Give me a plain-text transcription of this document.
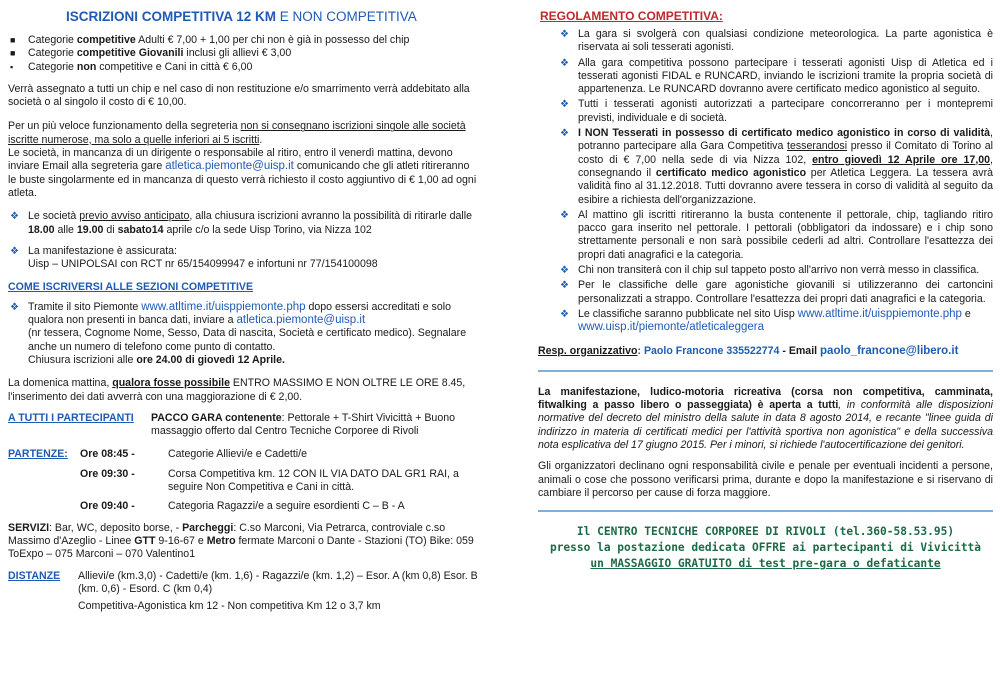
ISCRIZIONI COMPETITIVA 12 KM E NON COMPETITIVA
■ Categorie competitive Adulti € 7,00 + 1,00 per chi non è già in possesso del chip
■ Categorie competitive Giovanili inclusi gli allievi € 3,00
▪ Categorie non competitive e Cani in città € 6,00

Verrà assegnato a tutti un chip e nel caso di non restituzione e/o smarrimento verrà addebitato alla società o al singolo il costo di € 10,00.

Per un più veloce funzionamento della segreteria non si consegnano iscrizioni singole alle società iscritte numerose, ma solo a quelle inferiori ai 5 iscritti.

Le società, in mancanza di un dirigente o responsabile al ritiro, entro il venerdì mattina, devono inviare Email alla segreteria gare atletica.piemonte@uisp.it comunicando che gli atleti ritireranno le buste singolarmente ed in mancanza di questo verrà richiesto il costo aggiuntivo di € 1,00 ad ogni atleta.

❖ Le società previo avviso anticipato, alla chiusura iscrizioni avranno la possibilità di ritirarle dalle 18.00 alle 19.00 di sabato14 aprile c/o la sede Uisp Torino, via Nizza 102
❖ La manifestazione è assicurata:
Uisp – UNIPOLSAI con RCT nr 65/154099947 e infortuni nr 77/154100098
COME ISCRIVERSI ALLE SEZIONI COMPETITIVE
❖ Tramite il sito Piemonte www.atltime.it/uisppiemonte.php dopo essersi accreditati e solo qualora non presenti in banca dati, inviare a atletica.piemonte@uisp.it
(nr tessera, Cognome Nome, Sesso, Data di nascita, Società e certificato medico). Segnalare anche un numero di telefono come punto di contatto.
Chiusura iscrizioni alle ore 24.00 di giovedì 12 Aprile.

La domenica mattina, qualora fosse possibile ENTRO MASSIMO E NON OLTRE LE ORE 8.45, l'inserimento dei dati avverrà con una maggiorazione di € 2,00.

A TUTTI I PARTECIPANTI	PACCO GARA contenente: Pettorale + T-Shirt Vivicittà + Buono massaggio offerto dal Centro Tecniche Corporee di Rivoli
PARTENZE:	Ore 08:45 -	Categorie Allievi/e e Cadetti/e
Ore 09:30 -	Corsa Competitiva km. 12 CON IL VIA DATO DAL GR1 RAI, a seguire Non Competitiva e Cani in città.
Ore 09:40 -	Categoria Ragazzi/e a seguire esordienti C – B - A

SERVIZI: Bar, WC, deposito borse, - Parcheggi: C.so Marconi, Via Petrarca, controviale c.so Massimo d'Azeglio - Linee GTT 9-16-67 e Metro fermate Marconi o Dante - Stazioni (TO) Bike: 059 ToExpo – 075 Marconi – 070 Valentino1

DISTANZE	Allievi/e (km.3,0) - Cadetti/e (km. 1,6) - Ragazzi/e (km. 1,2) – Esor. A (km 0,8) Esor. B (km. 0,6) - Esord. C (km 0,4)
Competitiva-Agonistica km 12 - Non competitiva Km 12 o 3,7 km
REGOLAMENTO COMPETITIVA:
❖ La gara si svolgerà con qualsiasi condizione meteorologica. La parte agonistica è riservata ai soli tesserati agonisti.
❖ Alla gara competitiva possono partecipare i tesserati agonisti Uisp di Atletica ed i tesserati agonisti FIDAL e RUNCARD, inviando le iscrizioni tramite la propria società di appartenenza. Le RUNCARD dovranno avere certificato medico agonistico al seguito.
❖ Tutti i tesserati agonisti autorizzati a partecipare concorreranno per i montepremi previsti, individuale e di società.
❖ I NON Tesserati in possesso di certificato medico agonistico in corso di validità, potranno partecipare alla Gara Competitiva tesserandosi presso il Comitato di Torino al costo di € 7,00 nella sede di via Nizza 102, entro giovedì 12 Aprile ore 17,00, consegnando il certificato medico agonistico per Atletica Leggera. La tessera avrà validità fino al 31.12.2018. Tutti dovranno avere tessera in corso di validità al seguito da esibire a richiesta dell'organizzazione.
❖ Al mattino gli iscritti ritireranno la busta contenente il pettorale, chip, tagliando ritiro pacco gara inserito nel pettorale. I pettorali (obbligatori da indossare) e i chip sono strettamente personali e non sarà possibile cederli ad altri. Controllare l'esattezza dei propri dati anagrafici e la categoria.
❖ Chi non transiterà con il chip sul tappeto posto all'arrivo non verrà messo in classifica.
❖ Per le classifiche delle gare agonistiche giovanili si utilizzeranno dei cartoncini personalizzati a strappo. Controllare l'esattezza dei propri dati anagrafici e la categoria.
❖ Le classifiche saranno pubblicate nel sito Uisp www.atltime.it/uisppiemonte.php e
www.uisp.it/piemonte/atleticaleggera
Resp. organizzativo: Paolo Francone 335522774 - Email paolo_francone@libero.it

La manifestazione, ludico-motoria ricreativa (corsa non competitiva, camminata, fitwalking a passo libero o passeggiata) è aperta a tutti, in conformità alle disposizioni normative del decreto del ministro della salute in data 8 agosto 2014, e recante "linee guida di indirizzo in materia di certificati medici per l'attività sportiva non agonistica" e della successiva nota esplicativa del 17 giugno 2015. Per i minori, si richiede l'autocertificazione dei genitori.

Gli organizzatori declinano ogni responsabilità civile e penale per eventuali incidenti a persone, animali o cose che possono verificarsi prima, durante e dopo la manifestazione e si riservano di cambiare il percorso per cause di forza maggiore.

Il CENTRO TECNICHE CORPOREE DI RIVOLI (tel.360-58.53.95)
presso la postazione dedicata OFFRE ai partecipanti di Vivicittà
un MASSAGGIO GRATUITO di test pre-gara o defaticante
